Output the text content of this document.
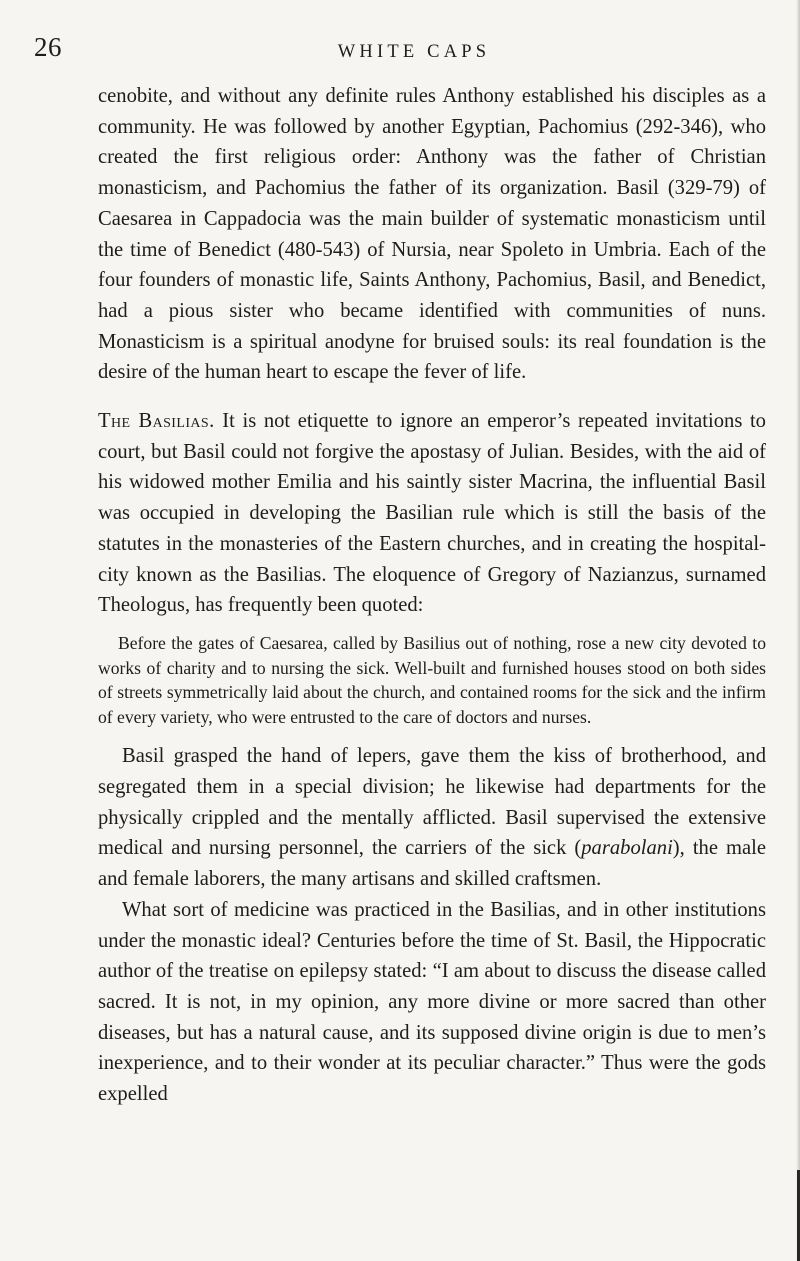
26	WHITE CAPS

cenobite, and without any definite rules Anthony established his disciples as a community. He was followed by another Egyptian, Pachomius (292-346), who created the first religious order: Anthony was the father of Christian monasticism, and Pachomius the father of its organization. Basil (329-79) of Caesarea in Cappadocia was the main builder of systematic monasticism until the time of Benedict (480-543) of Nursia, near Spoleto in Umbria. Each of the four founders of monastic life, Saints Anthony, Pachomius, Basil, and Benedict, had a pious sister who became identified with communities of nuns. Monasticism is a spiritual anodyne for bruised souls: its real foundation is the desire of the human heart to escape the fever of life.

The Basilias. It is not etiquette to ignore an emperor’s repeated invitations to court, but Basil could not forgive the apostasy of Julian. Besides, with the aid of his widowed mother Emilia and his saintly sister Macrina, the influential Basil was occupied in developing the Basilian rule which is still the basis of the statutes in the monasteries of the Eastern churches, and in creating the hospital-city known as the Basilias. The eloquence of Gregory of Nazianzus, surnamed Theologus, has frequently been quoted:

Before the gates of Caesarea, called by Basilius out of nothing, rose a new city devoted to works of charity and to nursing the sick. Well-built and furnished houses stood on both sides of streets symmetrically laid about the church, and contained rooms for the sick and the infirm of every variety, who were entrusted to the care of doctors and nurses.

Basil grasped the hand of lepers, gave them the kiss of brotherhood, and segregated them in a special division; he likewise had departments for the physically crippled and the mentally afflicted. Basil supervised the extensive medical and nursing personnel, the carriers of the sick (parabolani), the male and female laborers, the many artisans and skilled craftsmen.

What sort of medicine was practiced in the Basilias, and in other institutions under the monastic ideal? Centuries before the time of St. Basil, the Hippocratic author of the treatise on epilepsy stated: “I am about to discuss the disease called sacred. It is not, in my opinion, any more divine or more sacred than other diseases, but has a natural cause, and its supposed divine origin is due to men’s inexperience, and to their wonder at its peculiar character.” Thus were the gods expelled
